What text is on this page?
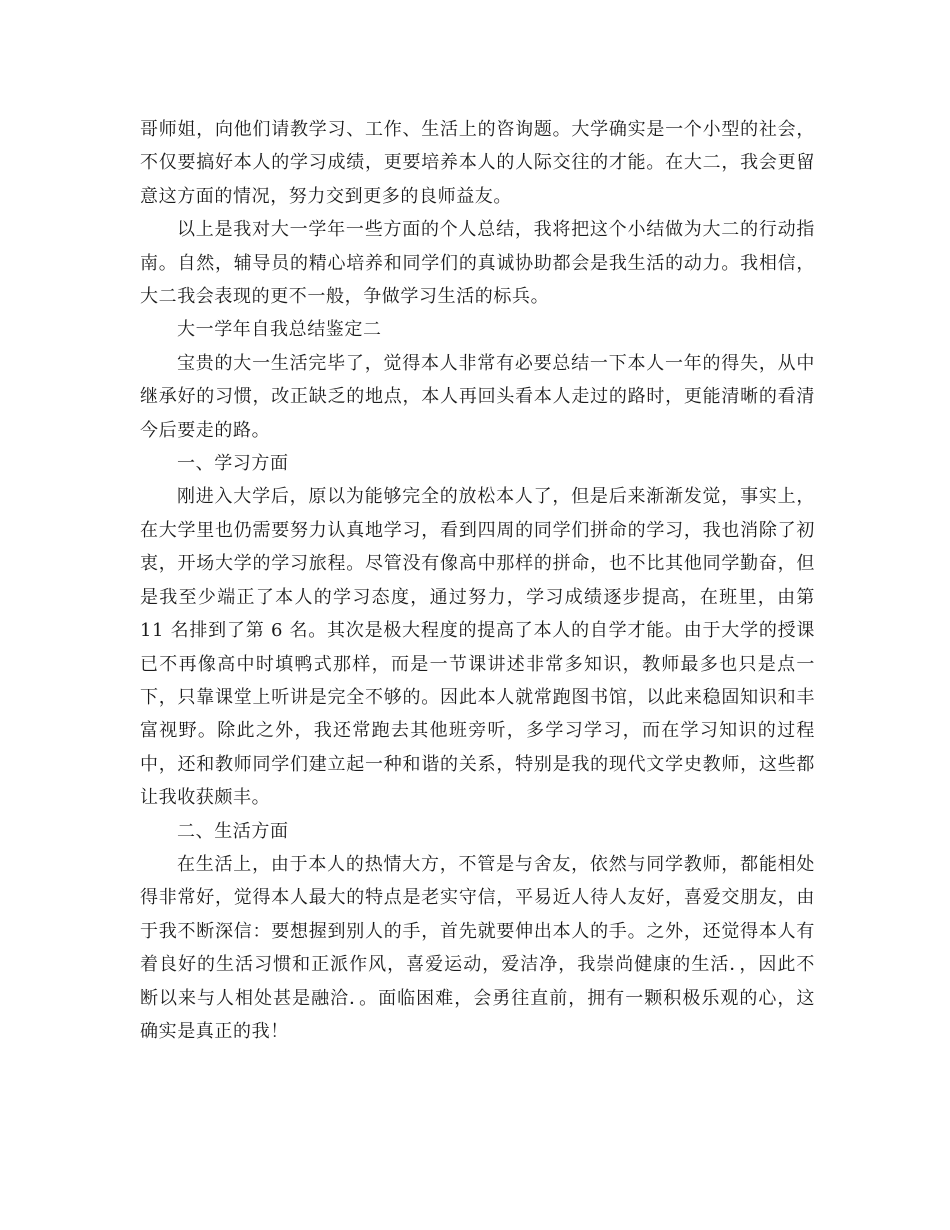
哥师姐，向他们请教学习、工作、生活上的咨询题。大学确实是一个小型的社会，不仅要搞好本人的学习成绩，更要培养本人的人际交往的才能。在大二，我会更留意这方面的情况，努力交到更多的良师益友。

以上是我对大一学年一些方面的个人总结，我将把这个小结做为大二的行动指南。自然，辅导员的精心培养和同学们的真诚协助都会是我生活的动力。我相信，大二我会表现的更不一般，争做学习生活的标兵。

大一学年自我总结鉴定二

宝贵的大一生活完毕了，觉得本人非常有必要总结一下本人一年的得失，从中继承好的习惯，改正缺乏的地点，本人再回头看本人走过的路时，更能清晰的看清今后要走的路。

一、学习方面

刚进入大学后，原以为能够完全的放松本人了，但是后来渐渐发觉，事实上，在大学里也仍需要努力认真地学习，看到四周的同学们拼命的学习，我也消除了初衷，开场大学的学习旅程。尽管没有像高中那样的拼命，也不比其他同学勤奋，但是我至少端正了本人的学习态度，通过努力，学习成绩逐步提高，在班里，由第 11 名排到了第 6 名。其次是极大程度的提高了本人的自学才能。由于大学的授课已不再像高中时填鸭式那样，而是一节课讲述非常多知识，教师最多也只是点一下，只靠课堂上听讲是完全不够的。因此本人就常跑图书馆，以此来稳固知识和丰富视野。除此之外，我还常跑去其他班旁听，多学习学习，而在学习知识的过程中，还和教师同学们建立起一种和谐的关系，特别是我的现代文学史教师，这些都让我收获颇丰。

二、生活方面

在生活上，由于本人的热情大方，不管是与舍友，依然与同学教师，都能相处得非常好，觉得本人最大的特点是老实守信，平易近人待人友好，喜爱交朋友，由于我不断深信：要想握到别人的手，首先就要伸出本人的手。之外，还觉得本人有着良好的生活习惯和正派作风，喜爱运动，爱洁净，我崇尚健康的生活．，因此不断以来与人相处甚是融洽．。面临困难，会勇往直前，拥有一颗积极乐观的心，这确实是真正的我！
